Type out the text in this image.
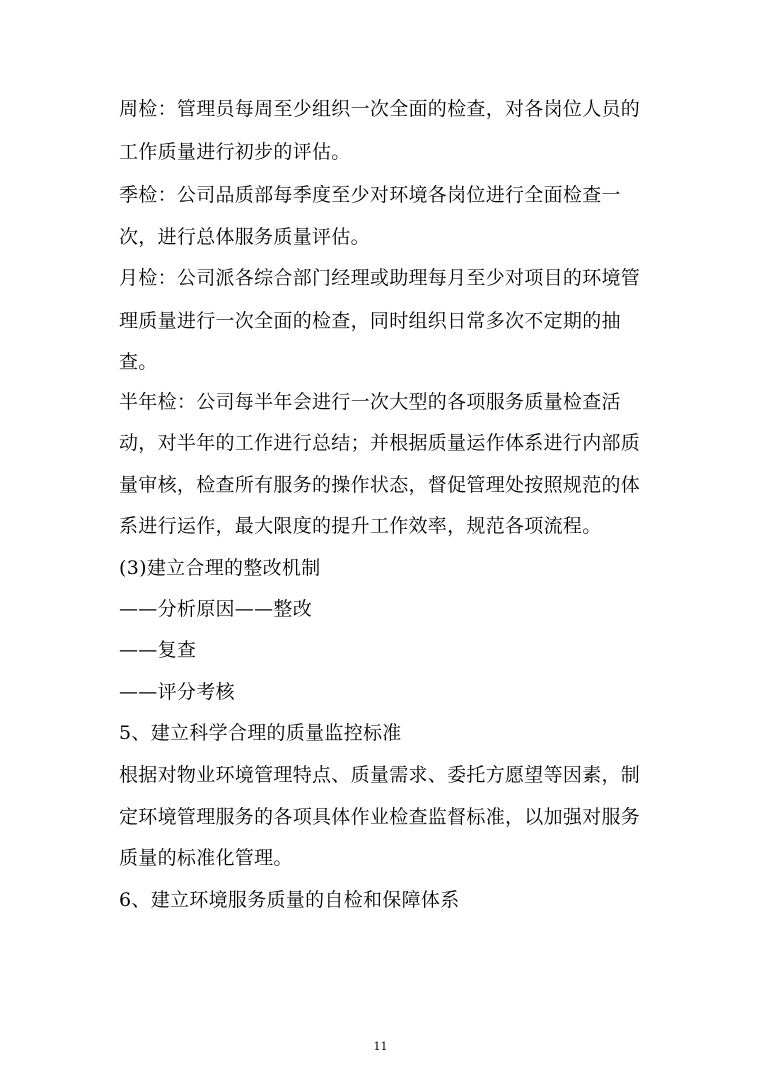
周检：管理员每周至少组织一次全面的检查，对各岗位人员的
工作质量进行初步的评估。
季检：公司品质部每季度至少对环境各岗位进行全面检查一
次，进行总体服务质量评估。
月检：公司派各综合部门经理或助理每月至少对项目的环境管
理质量进行一次全面的检查，同时组织日常多次不定期的抽
查。
半年检：公司每半年会进行一次大型的各项服务质量检查活
动，对半年的工作进行总结；并根据质量运作体系进行内部质
量审核，检查所有服务的操作状态，督促管理处按照规范的体
系进行运作，最大限度的提升工作效率，规范各项流程。
(3)建立合理的整改机制
——分析原因——整改
——复查
——评分考核
5、建立科学合理的质量监控标准
根据对物业环境管理特点、质量需求、委托方愿望等因素，制
定环境管理服务的各项具体作业检查监督标准，以加强对服务
质量的标准化管理。
6、建立环境服务质量的自检和保障体系
11
